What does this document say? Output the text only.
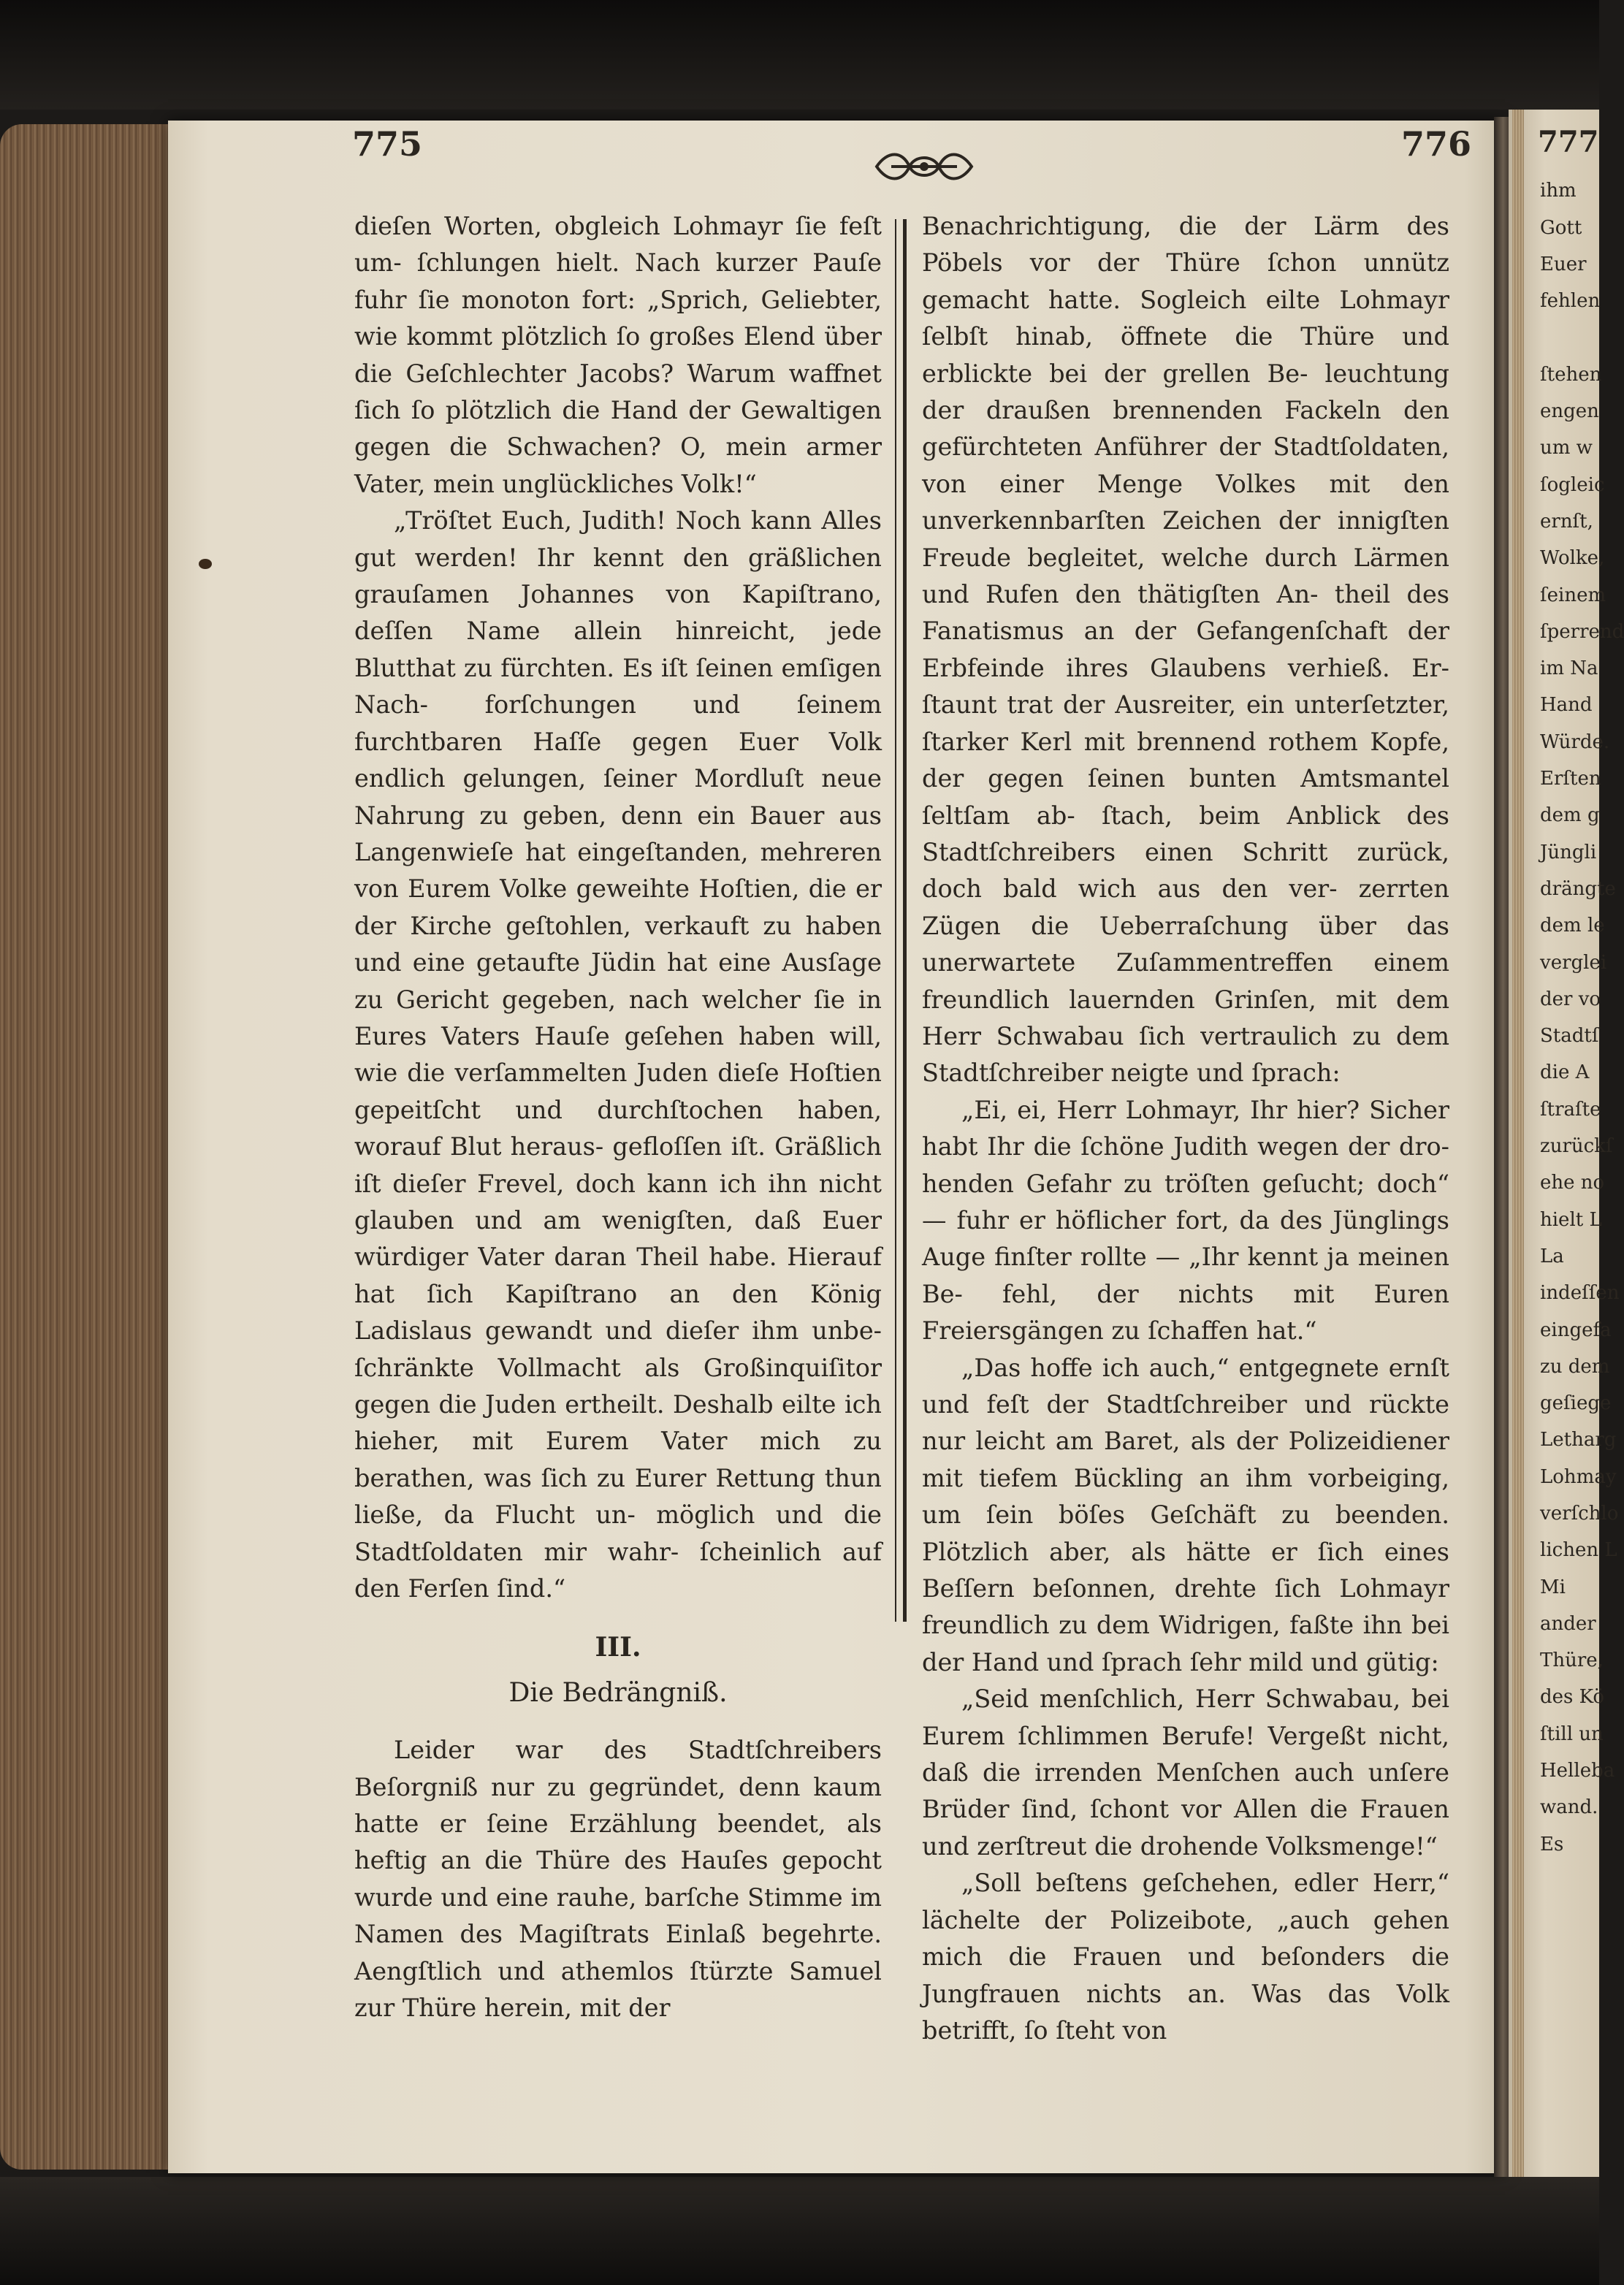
775	776

dieſen Worten, obgleich Lohmayr ſie feſt um- ſchlungen hielt. Nach kurzer Pauſe fuhr ſie monoton fort: „Sprich, Geliebter, wie kommt plötzlich ſo großes Elend über die Geſchlechter Jacobs? Warum waffnet ſich ſo plötzlich die Hand der Gewaltigen gegen die Schwachen? O, mein armer Vater, mein unglückliches Volk!“

„Tröſtet Euch, Judith! Noch kann Alles gut werden! Ihr kennt den gräßlichen grauſamen Johannes von Kapiſtrano, deſſen Name allein hinreicht, jede Blutthat zu fürchten. Es iſt ſeinen emſigen Nach- forſchungen und ſeinem furchtbaren Haſſe gegen Euer Volk endlich gelungen, ſeiner Mordluſt neue Nahrung zu geben, denn ein Bauer aus Langenwieſe hat eingeſtanden, mehreren von Eurem Volke geweihte Hoſtien, die er der Kirche geſtohlen, verkauft zu haben und eine getaufte Jüdin hat eine Ausſage zu Gericht gegeben, nach welcher ſie in Eures Vaters Hauſe geſehen haben will, wie die verſammelten Juden dieſe Hoſtien gepeitſcht und durchſtochen haben, worauf Blut heraus- gefloſſen iſt. Gräßlich iſt dieſer Frevel, doch kann ich ihn nicht glauben und am wenigſten, daß Euer würdiger Vater daran Theil habe. Hierauf hat ſich Kapiſtrano an den König Ladislaus gewandt und dieſer ihm unbe- ſchränkte Vollmacht als Großinquiſitor gegen die Juden ertheilt. Deshalb eilte ich hieher, mit Eurem Vater mich zu berathen, was ſich zu Eurer Rettung thun ließe, da Flucht un- möglich und die Stadtſoldaten mir wahr- ſcheinlich auf den Ferſen ſind.“

III.

Die Bedrängniß.

Leider war des Stadtſchreibers Beſorgniß nur zu gegründet, denn kaum hatte er ſeine Erzählung beendet, als heftig an die Thüre des Hauſes gepocht wurde und eine rauhe, barſche Stimme im Namen des Magiſtrats Einlaß begehrte. Aengſtlich und athemlos ſtürzte Samuel zur Thüre herein, mit der

Benachrichtigung, die der Lärm des Pöbels vor der Thüre ſchon unnütz gemacht hatte. Sogleich eilte Lohmayr ſelbſt hinab, öffnete die Thüre und erblickte bei der grellen Be- leuchtung der draußen brennenden Fackeln den gefürchteten Anführer der Stadtſoldaten, von einer Menge Volkes mit den unverkennbarſten Zeichen der innigſten Freude begleitet, welche durch Lärmen und Rufen den thätigſten An- theil des Fanatismus an der Gefangenſchaft der Erbfeinde ihres Glaubens verhieß. Er- ſtaunt trat der Ausreiter, ein unterſetzter, ſtarker Kerl mit brennend rothem Kopfe, der gegen ſeinen bunten Amtsmantel ſeltſam ab- ſtach, beim Anblick des Stadtſchreibers einen Schritt zurück, doch bald wich aus den ver- zerrten Zügen die Ueberraſchung über das unerwartete Zuſammentreffen einem freundlich lauernden Grinſen, mit dem Herr Schwabau ſich vertraulich zu dem Stadtſchreiber neigte und ſprach:

„Ei, ei, Herr Lohmayr, Ihr hier? Sicher habt Ihr die ſchöne Judith wegen der dro- henden Gefahr zu tröſten geſucht; doch“ — fuhr er höflicher fort, da des Jünglings Auge finſter rollte — „Ihr kennt ja meinen Be- fehl, der nichts mit Euren Freiersgängen zu ſchaffen hat.“

„Das hoffe ich auch,“ entgegnete ernſt und feſt der Stadtſchreiber und rückte nur leicht am Baret, als der Polizeidiener mit tiefem Bückling an ihm vorbeiging, um ſein böſes Geſchäft zu beenden. Plötzlich aber, als hätte er ſich eines Beſſern beſonnen, drehte ſich Lohmayr freundlich zu dem Widrigen, faßte ihn bei der Hand und ſprach ſehr mild und gütig:

„Seid menſchlich, Herr Schwabau, bei Eurem ſchlimmen Berufe! Vergeßt nicht, daß die irrenden Menſchen auch unſere Brüder ſind, ſchont vor Allen die Frauen und zerſtreut die drohende Volksmenge!“

„Soll beſtens geſchehen, edler Herr,“ lächelte der Polizeibote, „auch gehen mich die Frauen und beſonders die Jungfrauen nichts an. Was das Volk betrifft, ſo ſteht von

777
ihm
Gott
Euer
fehlen
ſtehen
engen
um w
ſogleic
ernſt,
Wolke,
ſeinem
ſperrend
im Na
Hand
Würde.
Erſten
dem g
Jüngli
drängte
dem le
verglei
der vo
Stadtſ
die A
ſtraſte
zurückſ
ehe no
hielt L
La
indeſſen
eingefa
zu dem
geſiege
Letharg
Lohmay
verſchlo
lichen L
Mi
ander
Thüre,
des Kö
ſtill un
Helleba
wand.
Es
